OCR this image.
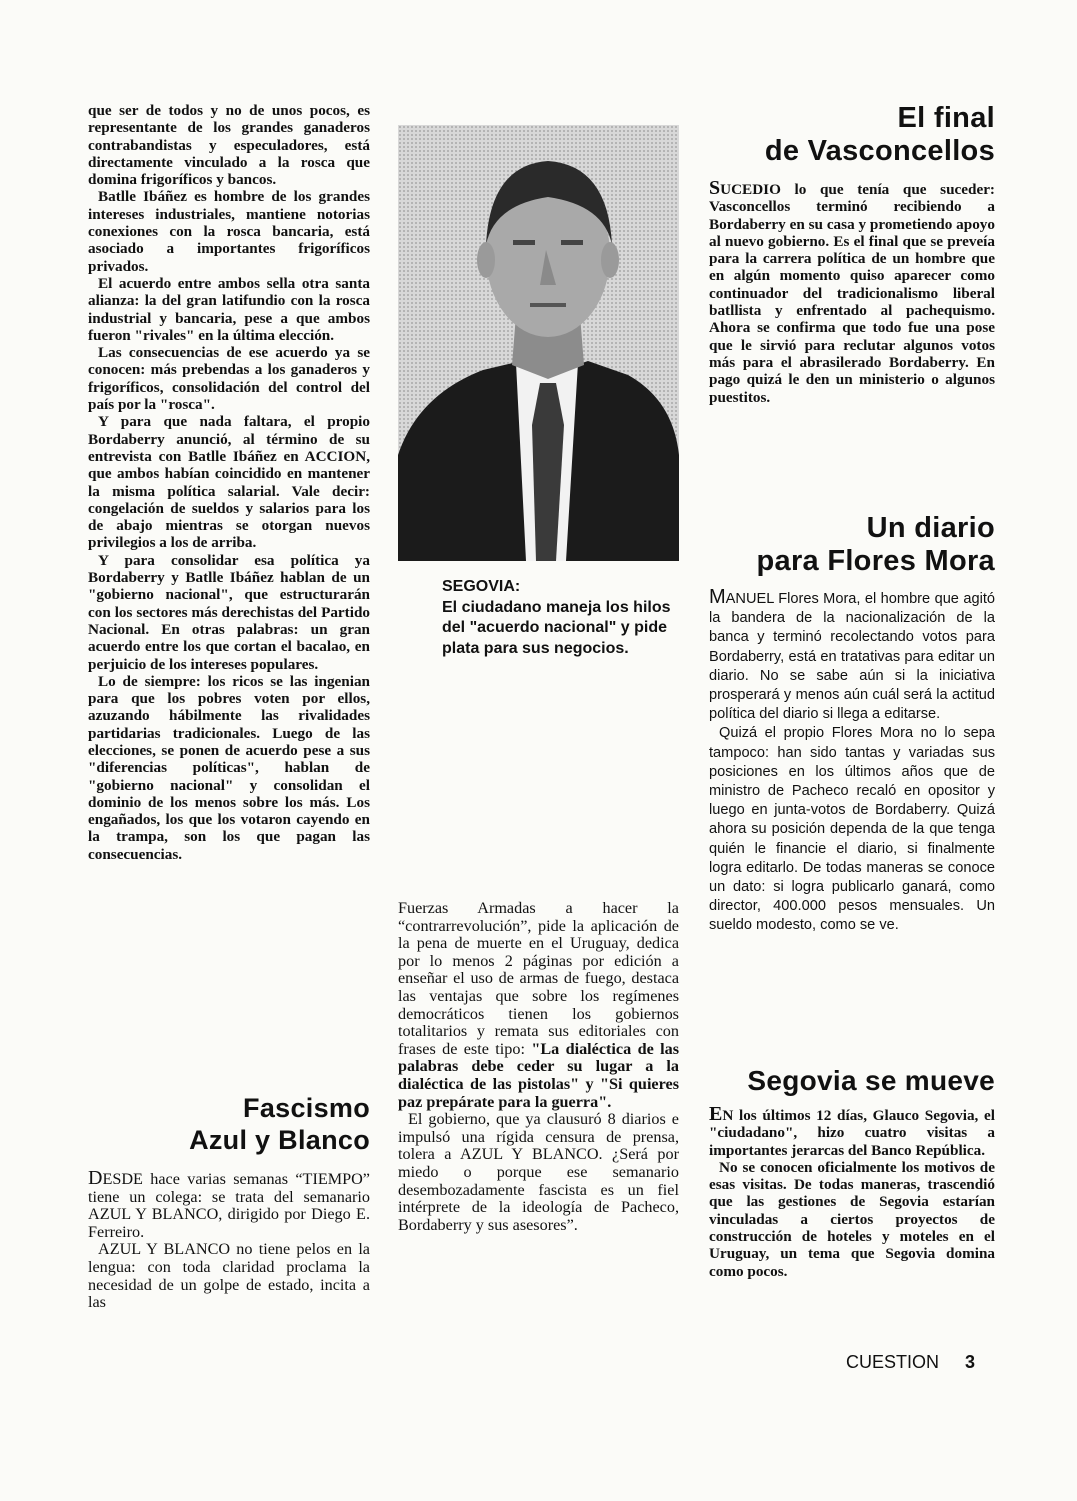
que ser de todos y no de unos pocos, es representante de los grandes ganaderos contrabandistas y especuladores, está directamente vinculado a la rosca que domina frigoríficos y bancos.

Batlle Ibáñez es hombre de los grandes intereses industriales, mantiene notorias conexiones con la rosca bancaria, está asociado a importantes frigoríficos privados.

El acuerdo entre ambos sella otra santa alianza: la del gran latifundio con la rosca industrial y bancaria, pese a que ambos fueron "rivales" en la última elección.

Las consecuencias de ese acuerdo ya se conocen: más prebendas a los ganaderos y frigoríficos, consolidación del control del país por la "rosca".

Y para que nada faltara, el propio Bordaberry anunció, al término de su entrevista con Batlle Ibáñez en ACCION, que ambos habían coincidido en mantener la misma política salarial. Vale decir: congelación de sueldos y salarios para los de abajo mientras se otorgan nuevos privilegios a los de arriba.

Y para consolidar esa política ya Bordaberry y Batlle Ibáñez hablan de un "gobierno nacional", que estructurarán con los sectores más derechistas del Partido Nacional. En otras palabras: un gran acuerdo entre los que cortan el bacalao, en perjuicio de los intereses populares.

Lo de siempre: los ricos se las ingenian para que los pobres voten por ellos, azuzando hábilmente las rivalidades partidarias tradicionales. Luego de las elecciones, se ponen de acuerdo pese a sus "diferencias políticas", hablan de "gobierno nacional" y consolidan el dominio de los menos sobre los más. Los engañados, los que los votaron cayendo en la trampa, son los que pagan las consecuencias.

Fascismo
Azul y Blanco

DESDE hace varias semanas “TIEMPO” tiene un colega: se trata del semanario AZUL Y BLANCO, dirigido por Diego E. Ferreiro.

AZUL Y BLANCO no tiene pelos en la lengua: con toda claridad proclama la necesidad de un golpe de estado, incita a las

SEGOVIA:

El ciudadano maneja los hilos del "acuerdo nacional" y pide plata para sus negocios.

Fuerzas Armadas a hacer la “contrarrevolución”, pide la aplicación de la pena de muerte en el Uruguay, dedica por lo menos 2 páginas por edición a enseñar el uso de armas de fuego, destaca las ventajas que sobre los regímenes democráticos tienen los gobiernos totalitarios y remata sus editoriales con frases de este tipo: "La dialéctica de las palabras debe ceder su lugar a la dialéctica de las pistolas" y "Si quieres paz prepárate para la guerra".

El gobierno, que ya clausuró 8 diarios e impulsó una rígida censura de prensa, tolera a AZUL Y BLANCO. ¿Será por miedo o porque ese semanario desembozadamente fascista es un fiel intérprete de la ideología de Pacheco, Bordaberry y sus asesores”.

El final
de Vasconcellos

SUCEDIO lo que tenía que suceder: Vasconcellos terminó recibiendo a Bordaberry en su casa y prometiendo apoyo al nuevo gobierno. Es el final que se preveía para la carrera política de un hombre que en algún momento quiso aparecer como continuador del tradicionalismo liberal batllista y enfrentado al pachequismo. Ahora se confirma que todo fue una pose que le sirvió para reclutar algunos votos más para el abrasilerado Bordaberry. En pago quizá le den un ministerio o algunos puestitos.

Un diario
para Flores Mora

MANUEL Flores Mora, el hombre que agitó la bandera de la nacionalización de la banca y terminó recolectando votos para Bordaberry, está en tratativas para editar un diario. No se sabe aún si la iniciativa prosperará y menos aún cuál será la actitud política del diario si llega a editarse.

Quizá el propio Flores Mora no lo sepa tampoco: han sido tantas y variadas sus posiciones en los últimos años que de ministro de Pacheco recaló en opositor y luego en junta-votos de Bordaberry. Quizá ahora su posición dependa de la que tenga quién le financie el diario, si finalmente logra editarlo. De todas maneras se conoce un dato: si logra publicarlo ganará, como director, 400.000 pesos mensuales. Un sueldo modesto, como se ve.

Segovia se mueve

EN los últimos 12 días, Glauco Segovia, el "ciudadano", hizo cuatro visitas a importantes jerarcas del Banco República.

No se conocen oficialmente los motivos de esas visitas. De todas maneras, trascendió que las gestiones de Segovia estarían vinculadas a ciertos proyectos de construcción de hoteles y moteles en el Uruguay, un tema que Segovia domina como pocos.

CUESTION 3
